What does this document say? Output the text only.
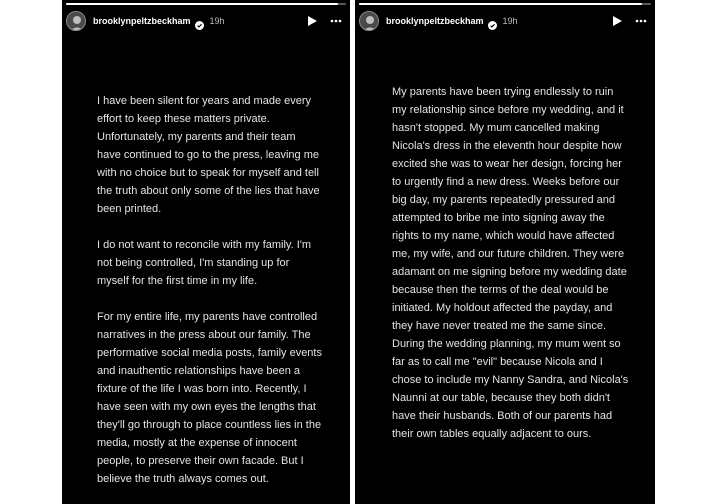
brooklynpeltzbeckham 19h

I have been silent for years and made every effort to keep these matters private. Unfortunately, my parents and their team have continued to go to the press, leaving me with no choice but to speak for myself and tell the truth about only some of the lies that have been printed.

I do not want to reconcile with my family. I'm not being controlled, I'm standing up for myself for the first time in my life.

For my entire life, my parents have controlled narratives in the press about our family. The performative social media posts, family events and inauthentic relationships have been a fixture of the life I was born into. Recently, I have seen with my own eyes the lengths that they'll go through to place countless lies in the media, mostly at the expense of innocent people, to preserve their own facade. But I believe the truth always comes out.

brooklynpeltzbeckham 19h

My parents have been trying endlessly to ruin my relationship since before my wedding, and it hasn't stopped. My mum cancelled making Nicola's dress in the eleventh hour despite how excited she was to wear her design, forcing her to urgently find a new dress. Weeks before our big day, my parents repeatedly pressured and attempted to bribe me into signing away the rights to my name, which would have affected me, my wife, and our future children. They were adamant on me signing before my wedding date because then the terms of the deal would be initiated. My holdout affected the payday, and they have never treated me the same since. During the wedding planning, my mum went so far as to call me "evil" because Nicola and I chose to include my Nanny Sandra, and Nicola's Naunni at our table, because they both didn't have their husbands. Both of our parents had their own tables equally adjacent to ours.
